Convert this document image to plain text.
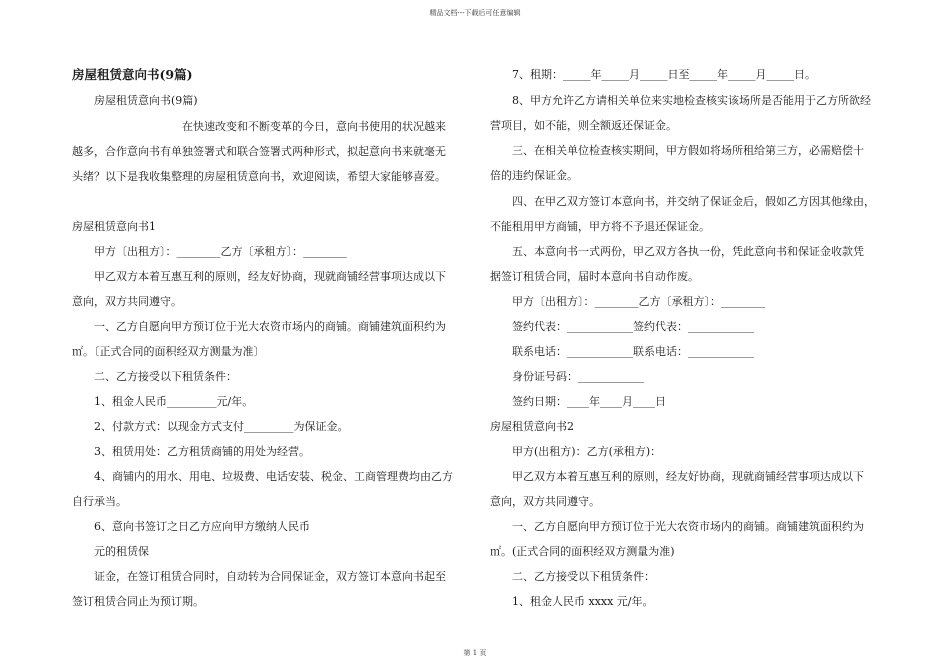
精品文档---下载后可任意编辑
房屋租赁意向书(9篇)
房屋租赁意向书(9篇)
在快速改变和不断变革的今日，意向书使用的状况越来
越多，合作意向书有单独签署式和联合签署式两种形式，拟起意向书来就毫无
头绪？以下是我收集整理的房屋租赁意向书，欢迎阅读，希望大家能够喜爱。
房屋租赁意向书1
甲方〔出租方〕：________乙方〔承租方〕：________
甲乙双方本着互惠互利的原则，经友好协商，现就商铺经营事项达成以下
意向，双方共同遵守。
一、乙方自愿向甲方预订位于光大农资市场内的商铺。商铺建筑面积约为
㎡。〔正式合同的面积经双方测量为准〕
二、乙方接受以下租赁条件：
1、租金人民币_________元/年。
2、付款方式：以现金方式支付_________为保证金。
3、租赁用处：乙方租赁商铺的用处为经营。
4、商铺内的用水、用电、垃圾费、电话安装、税金、工商管理费均由乙方
自行承当。
6、意向书签订之日乙方应向甲方缴纳人民币
元的租赁保
证金，在签订租赁合同时，自动转为合同保证金，双方签订本意向书起至
签订租赁合同止为预订期。
7、租期：_____年_____月_____日至_____年_____月_____日。
8、甲方允许乙方请相关单位来实地检查核实该场所是否能用于乙方所欲经
营项目，如不能，则全额返还保证金。
三、在相关单位检查核实期间，甲方假如将场所租给第三方，必需赔偿十
倍的违约保证金。
四、在甲乙双方签订本意向书，并交纳了保证金后，假如乙方因其他缘由，
不能租用甲方商铺，甲方将不予退还保证金。
五、本意向书一式两份，甲乙双方各执一份，凭此意向书和保证金收款凭
据签订租赁合同，届时本意向书自动作废。
甲方〔出租方〕：________乙方〔承租方〕：________
签约代表：____________签约代表：____________
联系电话：____________联系电话：____________
身份证号码：____________
签约日期：____年____月____日
房屋租赁意向书2
甲方(出租方)：乙方(承租方)：
甲乙双方本着互惠互利的原则，经友好协商，现就商铺经营事项达成以下
意向，双方共同遵守。
一、乙方自愿向甲方预订位于光大农资市场内的商铺。商铺建筑面积约为
㎡。(正式合同的面积经双方测量为准)
二、乙方接受以下租赁条件：
1、租金人民币 xxxx 元/年。
第 1 页
